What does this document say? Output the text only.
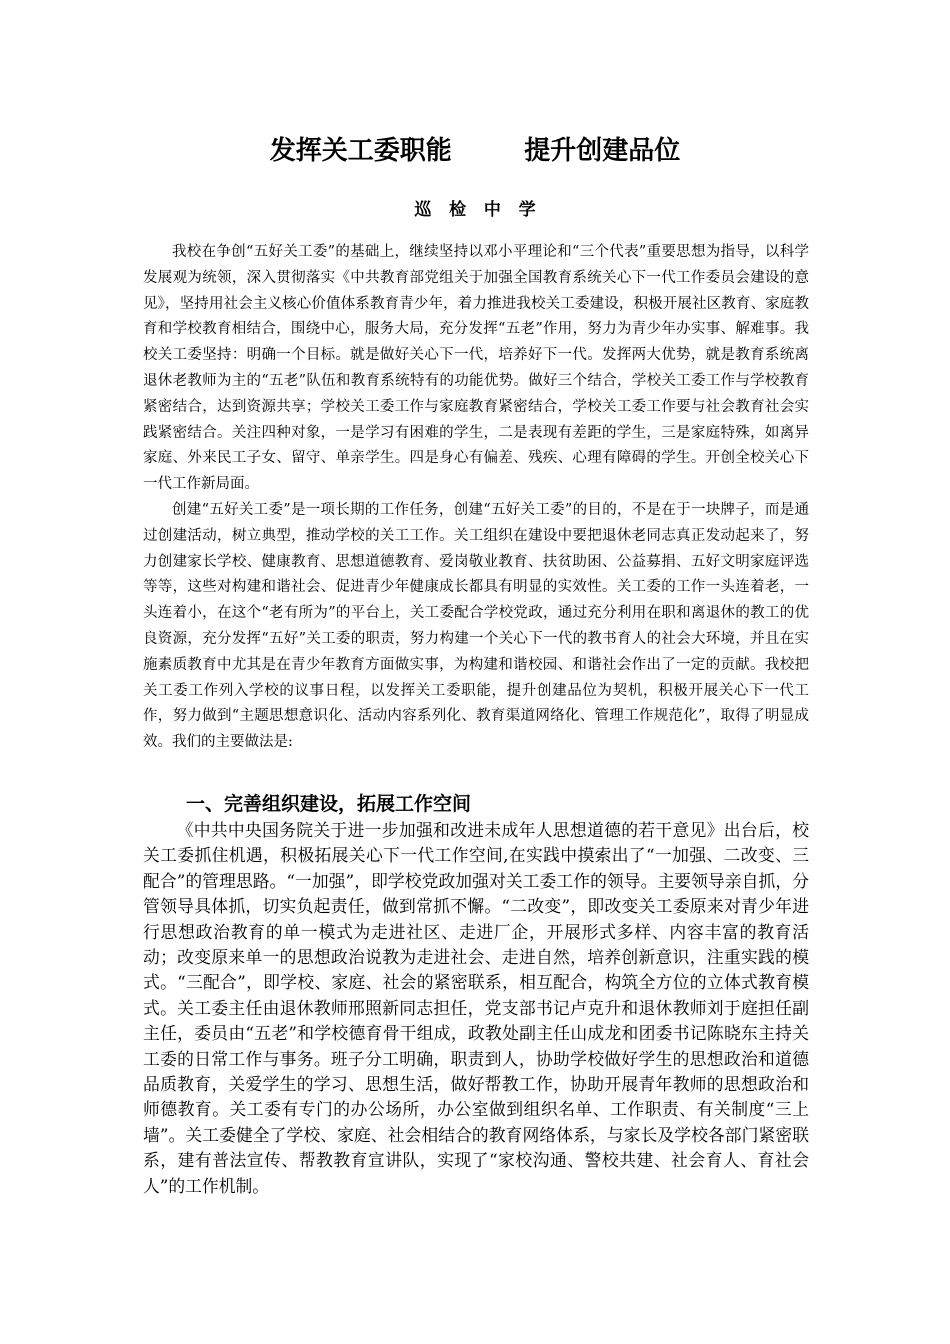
发挥关工委职能        提升创建品位
巡   检   中   学

我校在争创“五好关工委”的基础上，继续坚持以邓小平理论和“三个代表”重要思想为指导，以科学发展观为统领，深入贯彻落实《中共教育部党组关于加强全国教育系统关心下一代工作委员会建设的意见》，坚持用社会主义核心价值体系教育青少年，着力推进我校关工委建设，积极开展社区教育、家庭教育和学校教育相结合，围绕中心，服务大局，充分发挥“五老”作用，努力为青少年办实事、解难事。我校关工委坚持：明确一个目标。就是做好关心下一代，培养好下一代。发挥两大优势，就是教育系统离退休老教师为主的“五老”队伍和教育系统特有的功能优势。做好三个结合，学校关工委工作与学校教育紧密结合，达到资源共享；学校关工委工作与家庭教育紧密结合，学校关工委工作要与社会教育社会实践紧密结合。关注四种对象，一是学习有困难的学生，二是表现有差距的学生，三是家庭特殊，如离异家庭、外来民工子女、留守、单亲学生。四是身心有偏差、残疾、心理有障碍的学生。开创全校关心下一代工作新局面。

创建“五好关工委”是一项长期的工作任务，创建“五好关工委”的目的，不是在于一块牌子，而是通过创建活动，树立典型，推动学校的关工工作。关工组织在建设中要把退休老同志真正发动起来了，努力创建家长学校、健康教育、思想道德教育、爱岗敬业教育、扶贫助困、公益募捐、五好文明家庭评选等等，这些对构建和谐社会、促进青少年健康成长都具有明显的实效性。关工委的工作一头连着老，一头连着小，在这个“老有所为”的平台上，关工委配合学校党政，通过充分利用在职和离退休的教工的优良资源，充分发挥“五好”关工委的职责，努力构建一个关心下一代的教书育人的社会大环境，并且在实施素质教育中尤其是在青少年教育方面做实事，为构建和谐校园、和谐社会作出了一定的贡献。我校把关工委工作列入学校的议事日程，以发挥关工委职能，提升创建品位为契机，积极开展关心下一代工作，努力做到“主题思想意识化、活动内容系列化、教育渠道网络化、管理工作规范化”，取得了明显成效。我们的主要做法是:

一、完善组织建设，拓展工作空间

《中共中央国务院关于进一步加强和改进未成年人思想道德的若干意见》出台后，校关工委抓住机遇，积极拓展关心下一代工作空间,在实践中摸索出了“一加强、二改变、三配合”的管理思路。“一加强”，即学校党政加强对关工委工作的领导。主要领导亲自抓，分管领导具体抓，切实负起责任，做到常抓不懈。“二改变”，即改变关工委原来对青少年进行思想政治教育的单一模式为走进社区、走进厂企，开展形式多样、内容丰富的教育活动；改变原来单一的思想政治说教为走进社会、走进自然，培养创新意识，注重实践的模式。“三配合”，即学校、家庭、社会的紧密联系，相互配合，构筑全方位的立体式教育模式。关工委主任由退休教师邢照新同志担任，党支部书记卢克升和退休教师刘于庭担任副主任，委员由“五老”和学校德育骨干组成，政教处副主任山成龙和团委书记陈晓东主持关工委的日常工作与事务。班子分工明确，职责到人，协助学校做好学生的思想政治和道德品质教育，关爱学生的学习、思想生活，做好帮教工作，协助开展青年教师的思想政治和师德教育。关工委有专门的办公场所，办公室做到组织名单、工作职责、有关制度“三上墙”。关工委健全了学校、家庭、社会相结合的教育网络体系，与家长及学校各部门紧密联系，建有普法宣传、帮教教育宣讲队，实现了“家校沟通、警校共建、社会育人、育社会人”的工作机制。
